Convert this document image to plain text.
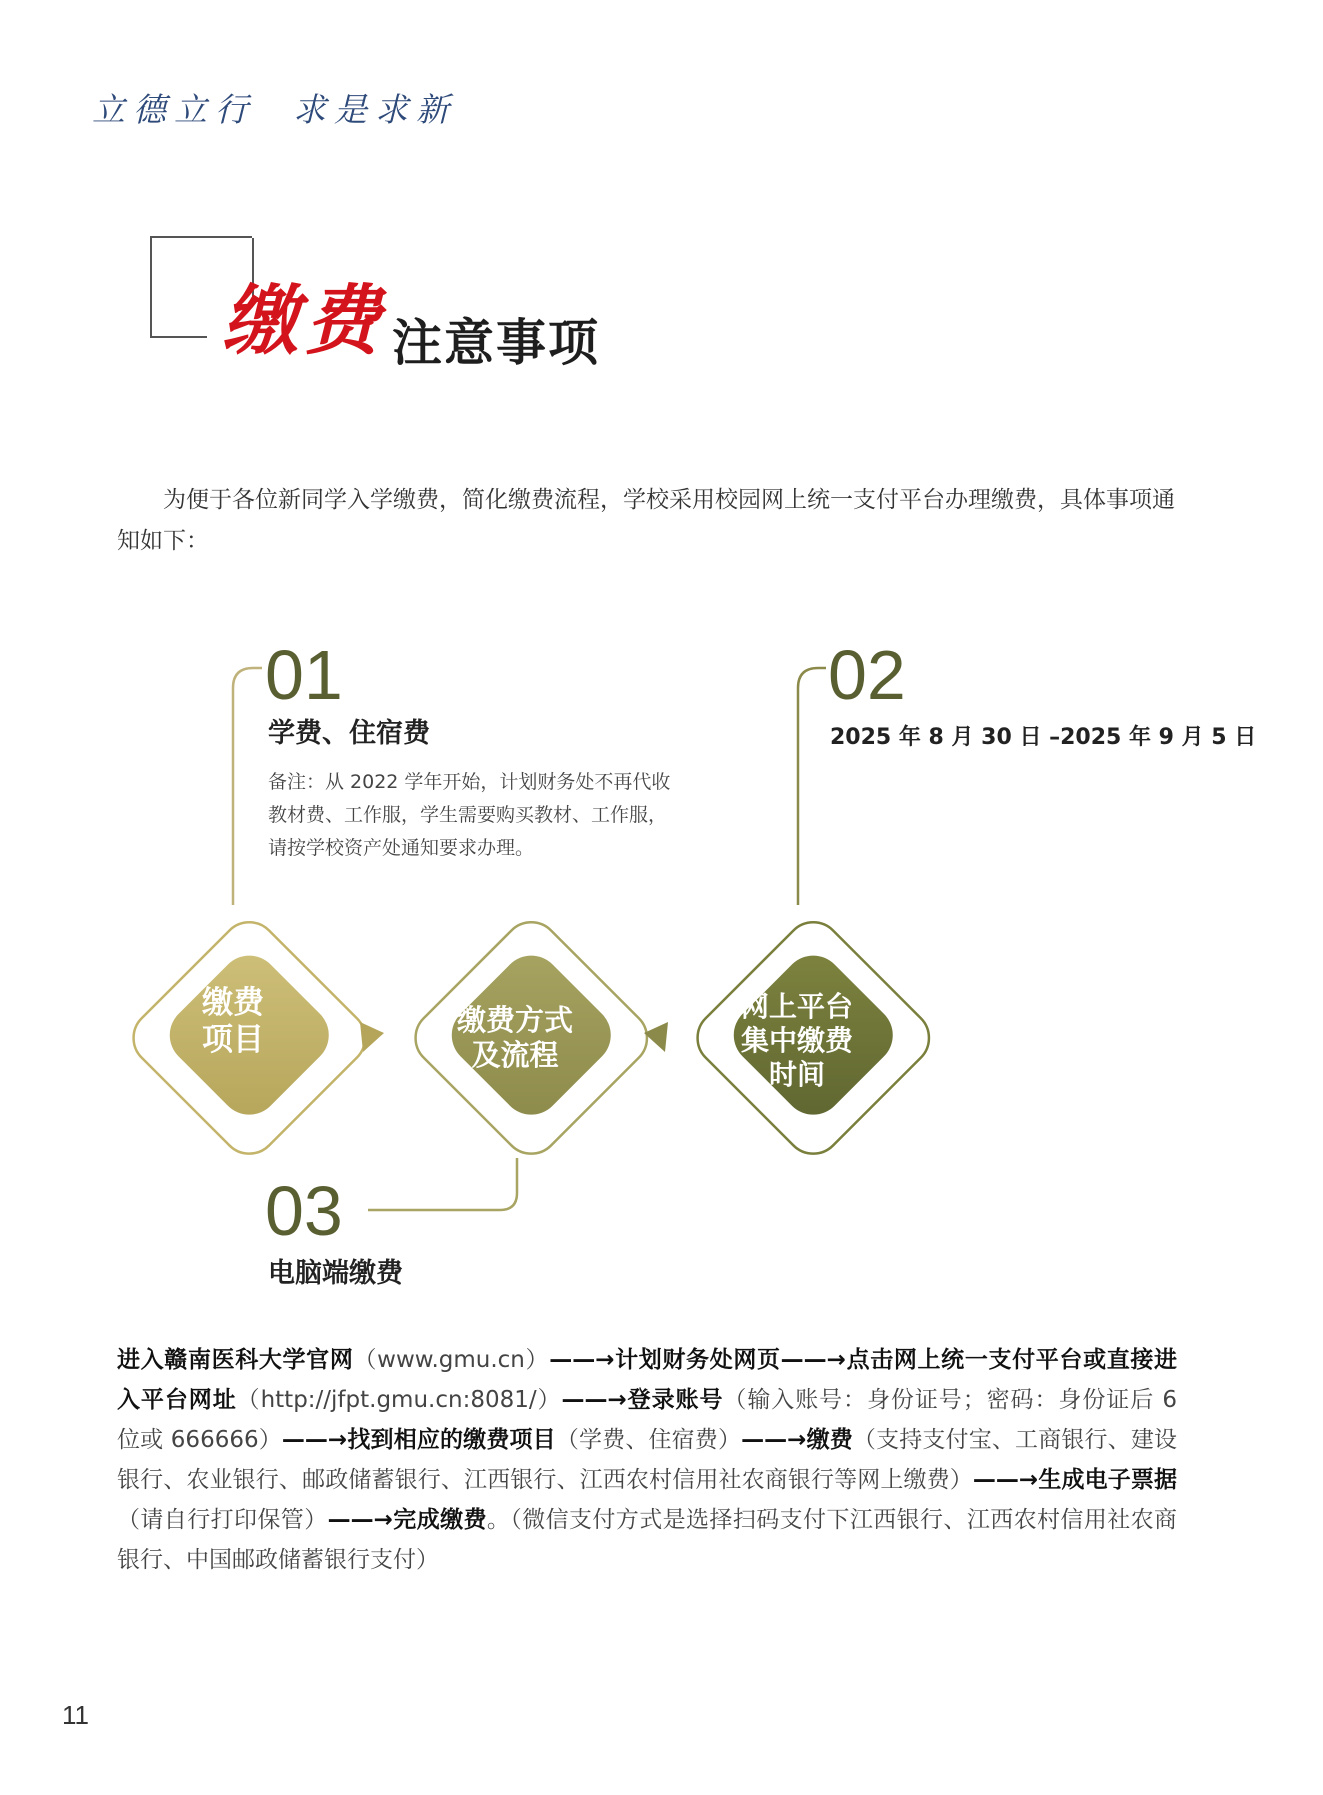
立德立行  求是求新
缴费 注意事项

为便于各位新同学入学缴费，简化缴费流程，学校采用校园网上统一支付平台办理缴费，具体事项通知如下：

01
学费、住宿费
备注：从 2022 学年开始，计划财务处不再代收
教材费、工作服，学生需要购买教材、工作服，
请按学校资产处通知要求办理。
02
2025 年 8 月 30 日 –2025 年 9 月 5 日
03
电脑端缴费
缴费
项目
缴费方式
及流程
网上平台
集中缴费
时间
进入赣南医科大学官网（www.gmu.cn）——→计划财务处网页——→点击网上统一支付平台或直接进入平台网址（http://jfpt.gmu.cn:8081/）——→登录账号（输入账号：身份证号；密码：身份证后 6 位或 666666）——→找到相应的缴费项目（学费、住宿费）——→缴费（支持支付宝、工商银行、建设银行、农业银行、邮政储蓄银行、江西银行、江西农村信用社农商银行等网上缴费）——→生成电子票据（请自行打印保管）——→完成缴费。（微信支付方式是选择扫码支付下江西银行、江西农村信用社农商银行、中国邮政储蓄银行支付）
11
